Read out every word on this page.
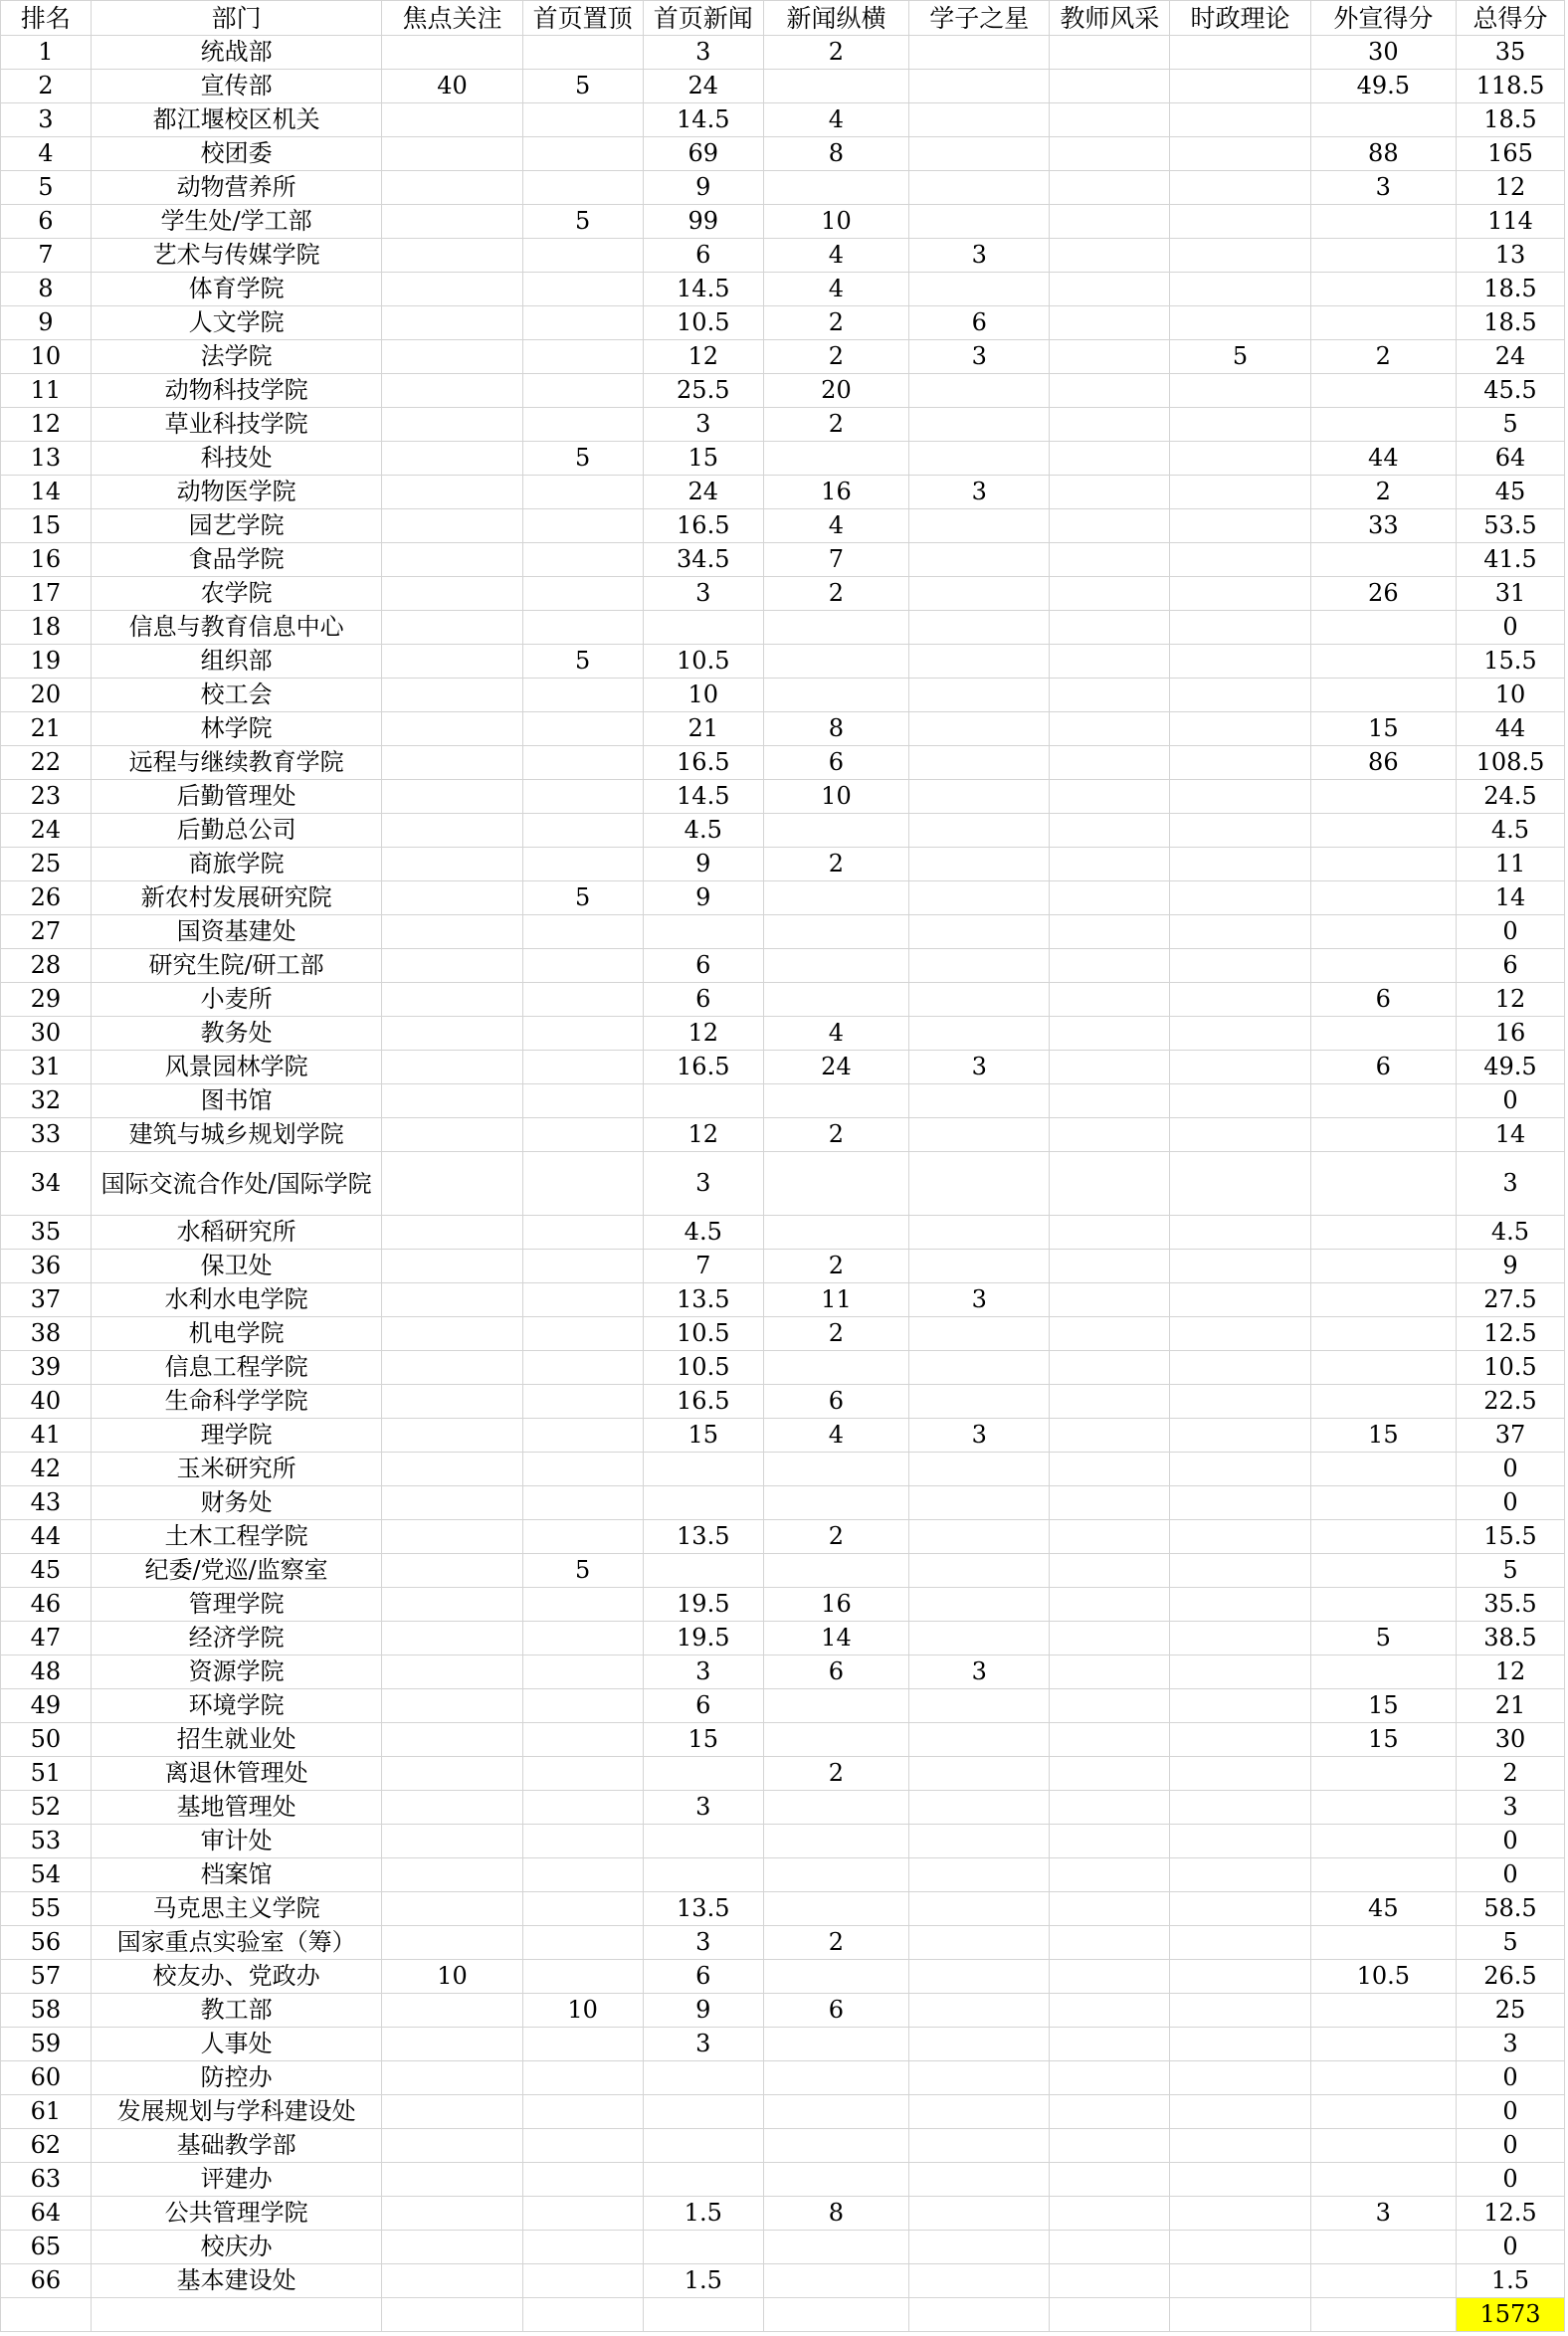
排名	部门	焦点关注	首页置顶	首页新闻	新闻纵横	学子之星	教师风采	时政理论	外宣得分	总得分
1	统战部			3	2				30	35
2	宣传部	40	5	24					49.5	118.5
3	都江堰校区机关			14.5	4					18.5
4	校团委			69	8				88	165
5	动物营养所			9					3	12
6	学生处/学工部		5	99	10					114
7	艺术与传媒学院			6	4	3				13
8	体育学院			14.5	4					18.5
9	人文学院			10.5	2	6				18.5
10	法学院			12	2	3		5	2	24
11	动物科技学院			25.5	20					45.5
12	草业科技学院			3	2					5
13	科技处		5	15					44	64
14	动物医学院			24	16	3			2	45
15	园艺学院			16.5	4				33	53.5
16	食品学院			34.5	7					41.5
17	农学院			3	2				26	31
18	信息与教育信息中心									0
19	组织部		5	10.5						15.5
20	校工会			10						10
21	林学院			21	8				15	44
22	远程与继续教育学院			16.5	6				86	108.5
23	后勤管理处			14.5	10					24.5
24	后勤总公司			4.5						4.5
25	商旅学院			9	2					11
26	新农村发展研究院		5	9						14
27	国资基建处									0
28	研究生院/研工部			6						6
29	小麦所			6					6	12
30	教务处			12	4					16
31	风景园林学院			16.5	24	3			6	49.5
32	图书馆									0
33	建筑与城乡规划学院			12	2					14
34	国际交流合作处/国际学院			3						3
35	水稻研究所			4.5						4.5
36	保卫处			7	2					9
37	水利水电学院			13.5	11	3				27.5
38	机电学院			10.5	2					12.5
39	信息工程学院			10.5						10.5
40	生命科学学院			16.5	6					22.5
41	理学院			15	4	3			15	37
42	玉米研究所									0
43	财务处									0
44	土木工程学院			13.5	2					15.5
45	纪委/党巡/监察室		5							5
46	管理学院			19.5	16					35.5
47	经济学院			19.5	14				5	38.5
48	资源学院			3	6	3				12
49	环境学院			6					15	21
50	招生就业处			15					15	30
51	离退休管理处				2					2
52	基地管理处			3						3
53	审计处									0
54	档案馆									0
55	马克思主义学院			13.5					45	58.5
56	国家重点实验室（筹）			3	2					5
57	校友办、党政办	10		6					10.5	26.5
58	教工部		10	9	6					25
59	人事处			3						3
60	防控办									0
61	发展规划与学科建设处									0
62	基础教学部									0
63	评建办									0
64	公共管理学院			1.5	8				3	12.5
65	校庆办									0
66	基本建设处			1.5						1.5
										1573
